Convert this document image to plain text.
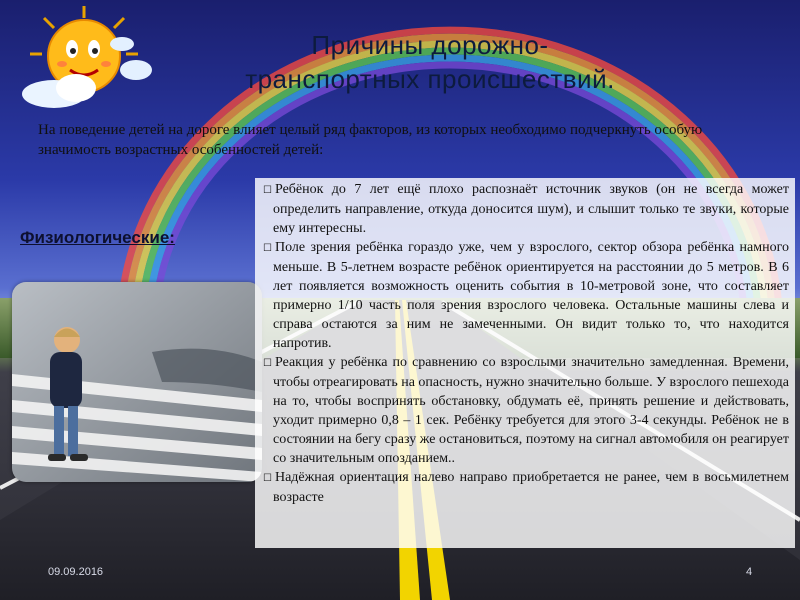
Причины дорожно-
транспортных происшествий.
На поведение детей на дороге влияет целый ряд факторов, из которых необходимо подчеркнуть особую значимость возрастных особенностей детей:
Физиологические:
☐ Ребёнок до 7 лет ещё плохо распознаёт источник звуков (он не всегда может определить направление, откуда доносится шум), и слышит только те звуки, которые ему интересны.
☐ Поле зрения ребёнка гораздо уже, чем у взрослого, сектор обзора ребёнка намного меньше. В 5-летнем возрасте ребёнок ориентируется на расстоянии до 5 метров. В 6 лет появляется возможность оценить события в 10-метровой зоне, что составляет примерно 1/10 часть поля зрения взрослого человека. Остальные машины слева и справа остаются за ним не замеченными. Он видит только то, что находится напротив.
☐ Реакция у ребёнка по сравнению со взрослыми значительно замедленная. Времени, чтобы отреагировать на опасность, нужно значительно больше. У взрослого пешехода на то, чтобы воспринять обстановку, обдумать её, принять решение и действовать, уходит примерно 0,8 – 1 сек. Ребёнку требуется для этого 3-4 секунды. Ребёнок не в состоянии на бегу сразу же остановиться, поэтому на сигнал автомобиля он реагирует со значительным опозданием..
☐ Надёжная ориентация налево направо приобретается не ранее, чем в восьмилетнем возрасте
09.09.2016	4
